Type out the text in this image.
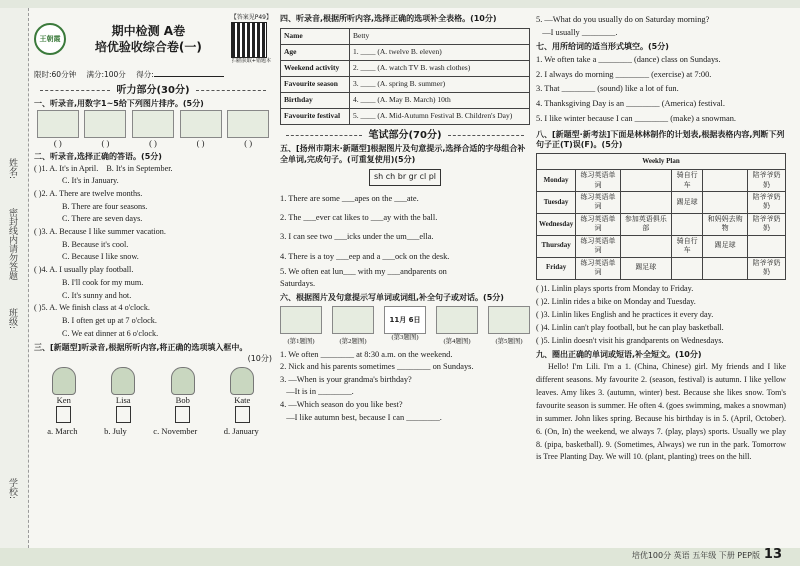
姓名:
密封线内请勿答题
班级:
学校:
王朝霞
期中检测 A卷
培优验收综合卷(一)
【答案见P49】
扫描获取+错题本
限时:60分钟 满分:100分 得分:
听力部分(30分)
一、听录音,用数字1~5给下列图片排序。(5分)
( )	( )	( )	( )	( )
二、听录音,选择正确的答语。(5分)
( )1. A. It's in April. B. It's in September.
C. It's in January.
( )2. A. There are twelve months.
B. There are four seasons.
C. There are seven days.
( )3. A. Because I like summer vacation.
B. Because it's cool.
C. Because I like snow.
( )4. A. I usually play football.
B. I'll cook for my mum.
C. It's sunny and hot.
( )5. A. We finish class at 4 o'clock.
B. I often get up at 7 o'clock.
C. We eat dinner at 6 o'clock.
三、[新题型]听录音,根据所听内容,将正确的选项填入框中。
(10分)
Ken
	Lisa
	Bob
	Kate

a. March	b. July	c. November	d. January
四、听录音,根据所听内容,选择正确的选项补全表格。(10分)
Name	Betty
Age	1. ____ (A. twelve B. eleven)
Weekend activity	2. ____ (A. watch TV B. wash clothes)
Favourite season	3. ____ (A. spring B. summer)
Birthday	4. ____ (A. May B. March) 10th
Favourite festival	5. ____ (A. Mid-Autumn Festival B. Children's Day)
笔试部分(70分)
五、[扬州市期末·新题型]根据图片及句意提示,选择合适的字母组合补全单词,完成句子。(可重复使用)(5分)
sh ch br gr cl pl
1. There are some ___apes on the ___ate.
2. The ___ever cat likes to ___ay with the ball.
3. I can see two ___icks under the um___ella.
4. There is a toy ___eep and a ___ock on the desk.
5. We often eat lun___ with my ___andparents on Saturdays.
六、根据图片及句意提示写单词或词组,补全句子或对话。(5分)
(第1题图)	(第2题图)
11月 6日
(第3题图)	(第4题图)	(第5题图)
1. We often ________ at 8:30 a.m. on the weekend.
2. Nick and his parents sometimes ________ on Sundays.
3. —When is your grandma's birthday?
—It is in ________.
4. —Which season do you like best?
—I like autumn best, because I can ________.
5. —What do you usually do on Saturday morning?
—I usually ________.
七、用所给词的适当形式填空。(5分)
1. We often take a ________ (dance) class on Sundays.
2. I always do morning ________ (exercise) at 7:00.
3. That ________ (sound) like a lot of fun.
4. Thanksgiving Day is an ________ (America) festival.
5. I like winter because I can ________ (make) a snowman.
八、[新题型·新考法]下面是林林制作的计划表,根据表格内容,判断下列句子正(T)误(F)。(5分)
Weekly Plan					
Monday	练习英语单词		骑自行车		陪爷爷奶奶
Tuesday	练习英语单词		踢足球		陪爷爷奶奶
Wednesday	练习英语单词	参加英语俱乐部		和妈妈去购物	陪爷爷奶奶
Thursday	练习英语单词		骑自行车	踢足球	
Friday	练习英语单词	踢足球			陪爷爷奶奶
( )1. Linlin plays sports from Monday to Friday.
( )2. Linlin rides a bike on Monday and Tuesday.
( )3. Linlin likes English and he practices it every day.
( )4. Linlin can't play football, but he can play basketball.
( )5. Linlin doesn't visit his grandparents on Wednesdays.
九、圈出正确的单词或短语,补全短文。(10分)
Hello! I'm Lili. I'm a 1. (China, Chinese) girl. My friends and I like different seasons. My favourite 2. (season, festival) is autumn. I like yellow leaves. Amy likes 3. (autumn, winter) best. Because she likes snow. Tom's favourite season is summer. He often 4. (goes swimming, makes a snowman) in summer. John likes spring. Because his birthday is in 5. (April, October). 6. (On, In) the weekend, we always 7. (play, plays) sports. Usually we play 8. (pipa, basketball). 9. (Sometimes, Always) we run in the park. Tomorrow is Tree Planting Day. We will 10. (plant, planting) trees on the hill.
培优100分 英语 五年级 下册 PEP版 13
